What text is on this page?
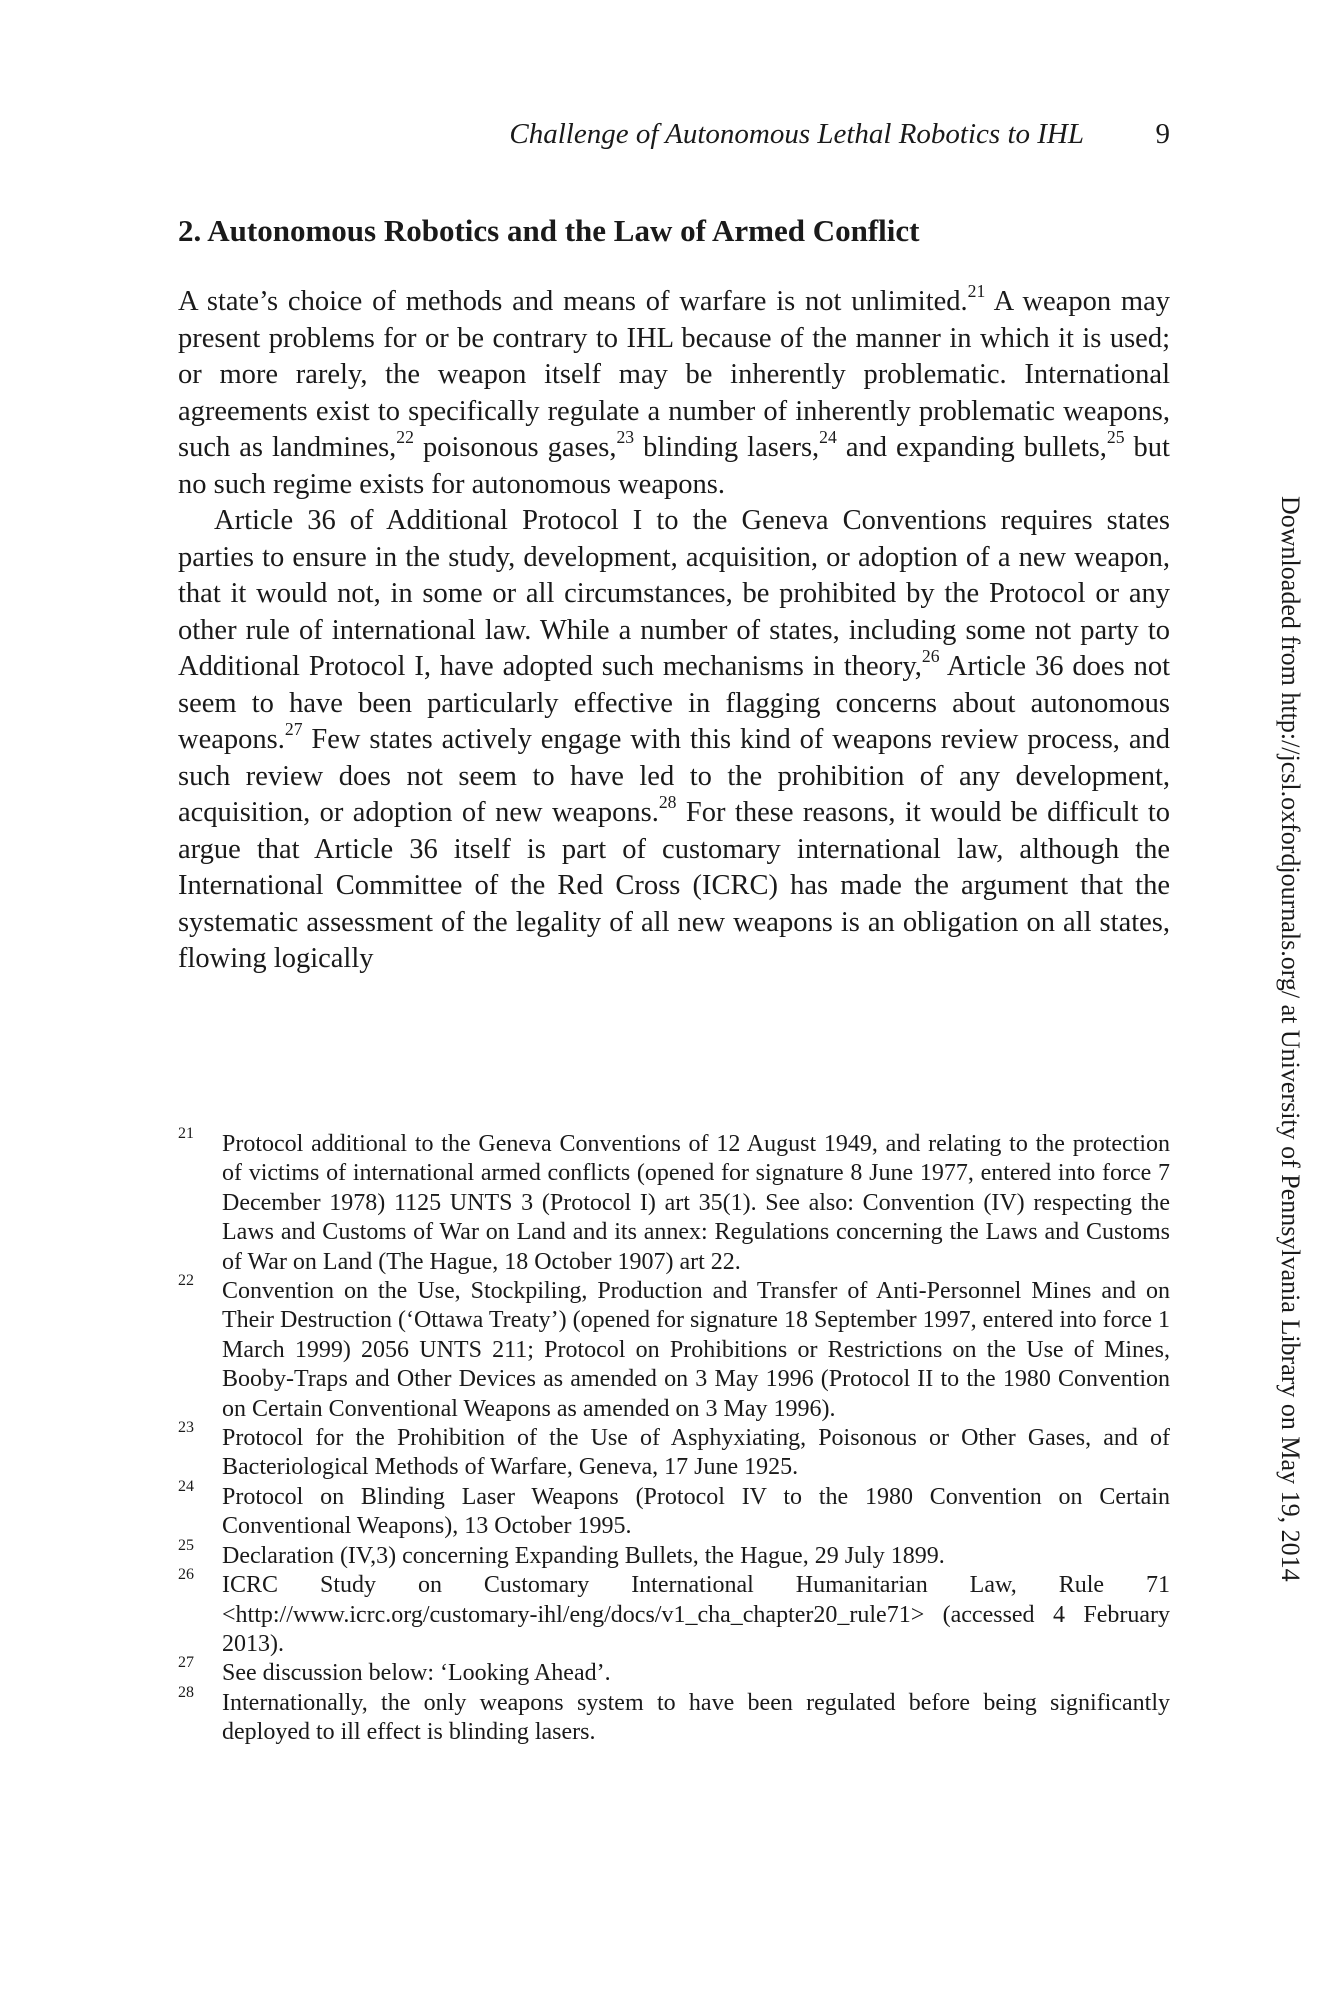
Challenge of Autonomous Lethal Robotics to IHL 9
2. Autonomous Robotics and the Law of Armed Conflict

A state’s choice of methods and means of warfare is not unlimited.$^{21}$ A weapon may present problems for or be contrary to IHL because of the manner in which it is used; or more rarely, the weapon itself may be inherently problematic. International agreements exist to specifically regulate a number of inherently problematic weapons, such as landmines,$^{22}$ poisonous gases,$^{23}$ blinding lasers,$^{24}$ and expanding bullets,$^{25}$ but no such regime exists for autonomous weapons.

Article 36 of Additional Protocol I to the Geneva Conventions requires states parties to ensure in the study, development, acquisition, or adoption of a new weapon, that it would not, in some or all circumstances, be prohibited by the Protocol or any other rule of international law. While a number of states, including some not party to Additional Protocol I, have adopted such mechanisms in theory,$^{26}$ Article 36 does not seem to have been particularly effective in flagging concerns about autonomous weapons.$^{27}$ Few states actively engage with this kind of weapons review process, and such review does not seem to have led to the prohibition of any development, acquisition, or adoption of new weapons.$^{28}$ For these reasons, it would be difficult to argue that Article 36 itself is part of customary international law, although the International Committee of the Red Cross (ICRC) has made the argument that the systematic assessment of the legality of all new weapons is an obligation on all states, flowing logically

21 Protocol additional to the Geneva Conventions of 12 August 1949, and relating to the protection of victims of international armed conflicts (opened for signature 8 June 1977, entered into force 7 December 1978) 1125 UNTS 3 (Protocol I) art 35(1). See also: Convention (IV) respecting the Laws and Customs of War on Land and its annex: Regulations concerning the Laws and Customs of War on Land (The Hague, 18 October 1907) art 22.

22 Convention on the Use, Stockpiling, Production and Transfer of Anti-Personnel Mines and on Their Destruction (‘Ottawa Treaty’) (opened for signature 18 September 1997, entered into force 1 March 1999) 2056 UNTS 211; Protocol on Prohibitions or Restrictions on the Use of Mines, Booby-Traps and Other Devices as amended on 3 May 1996 (Protocol II to the 1980 Convention on Certain Conventional Weapons as amended on 3 May 1996).

23 Protocol for the Prohibition of the Use of Asphyxiating, Poisonous or Other Gases, and of Bacteriological Methods of Warfare, Geneva, 17 June 1925.

24 Protocol on Blinding Laser Weapons (Protocol IV to the 1980 Convention on Certain Conventional Weapons), 13 October 1995.

25 Declaration (IV,3) concerning Expanding Bullets, the Hague, 29 July 1899.

26 ICRC Study on Customary International Humanitarian Law, Rule 71 <http://www.icrc.org/customary-ihl/eng/docs/v1_cha_chapter20_rule71> (accessed 4 February 2013).

27 See discussion below: ‘Looking Ahead’.

28 Internationally, the only weapons system to have been regulated before being significantly deployed to ill effect is blinding lasers.

Downloaded from http://jcsl.oxfordjournals.org/ at University of Pennsylvania Library on May 19, 2014
